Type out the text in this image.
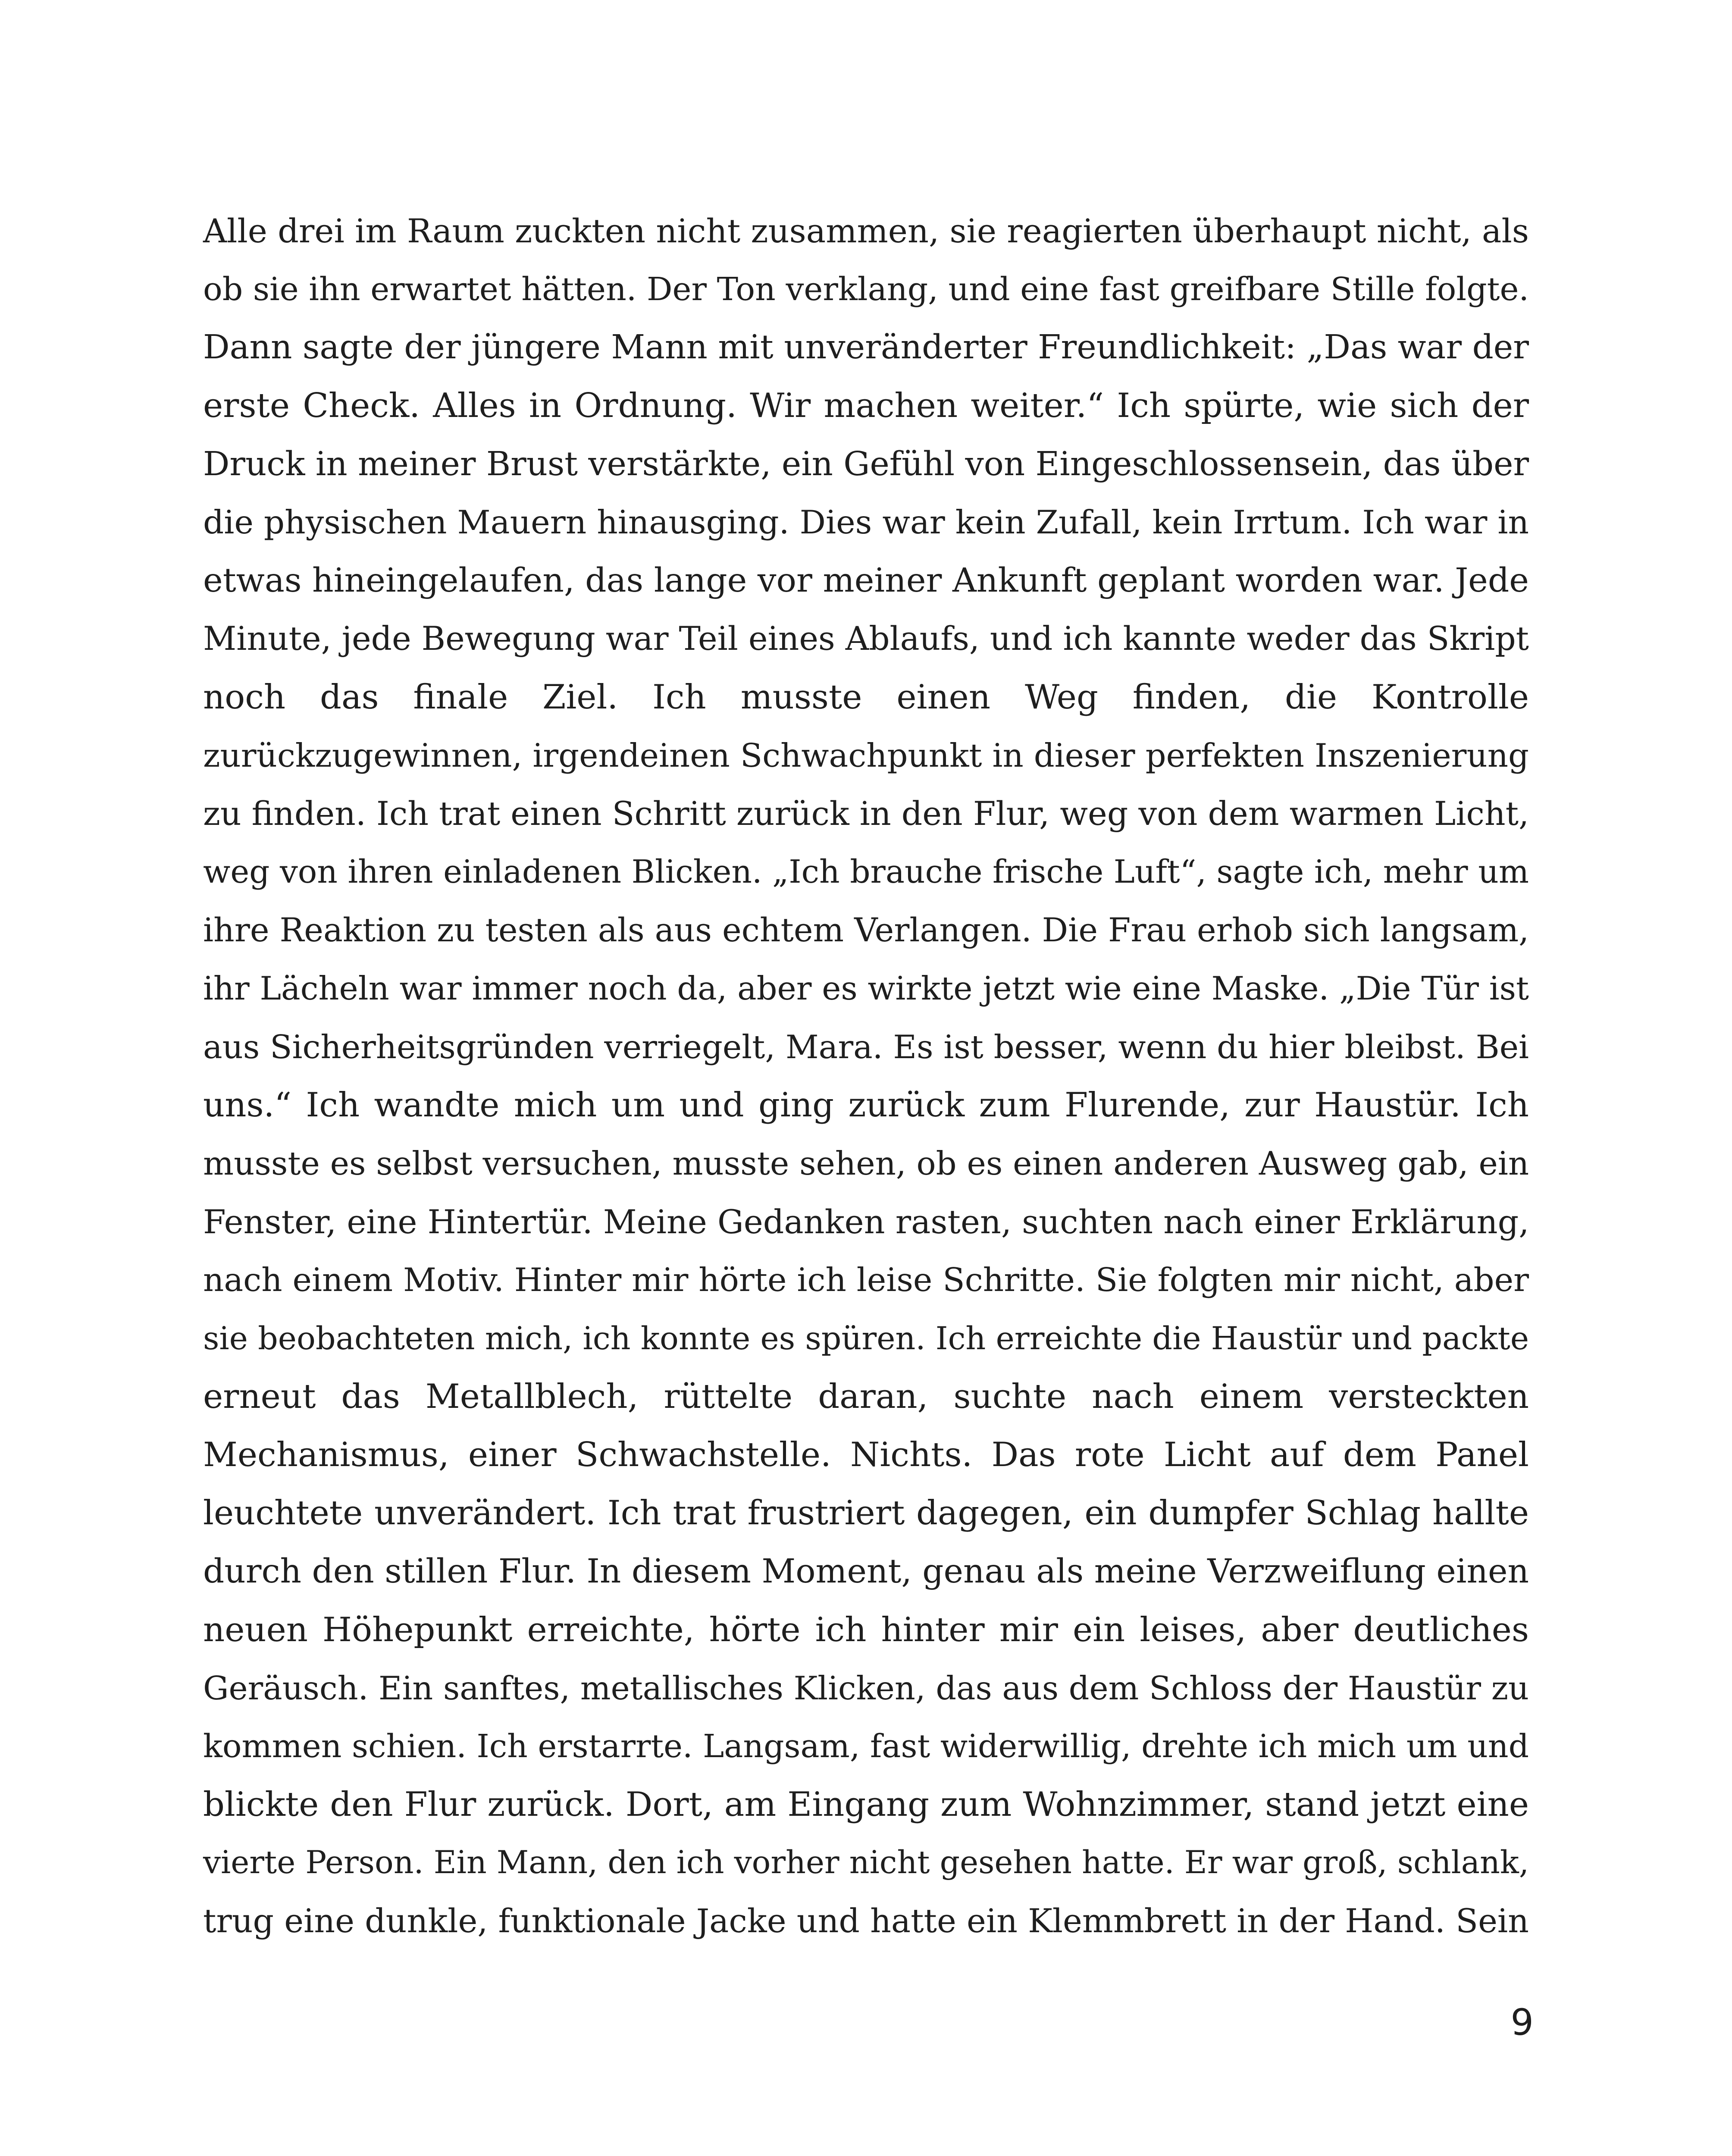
Alle drei im Raum zuckten nicht zusammen, sie reagierten überhaupt nicht, als
ob sie ihn erwartet hätten. Der Ton verklang, und eine fast greifbare Stille folgte.
Dann sagte der jüngere Mann mit unveränderter Freundlichkeit: „Das war der
erste Check. Alles in Ordnung. Wir machen weiter.“ Ich spürte, wie sich der
Druck in meiner Brust verstärkte, ein Gefühl von Eingeschlossensein, das über
die physischen Mauern hinausging. Dies war kein Zufall, kein Irrtum. Ich war in
etwas hineingelaufen, das lange vor meiner Ankunft geplant worden war. Jede
Minute, jede Bewegung war Teil eines Ablaufs, und ich kannte weder das Skript
noch das finale Ziel. Ich musste einen Weg finden, die Kontrolle
zurückzugewinnen, irgendeinen Schwachpunkt in dieser perfekten Inszenierung
zu finden. Ich trat einen Schritt zurück in den Flur, weg von dem warmen Licht,
weg von ihren einladenen Blicken. „Ich brauche frische Luft“, sagte ich, mehr um
ihre Reaktion zu testen als aus echtem Verlangen. Die Frau erhob sich langsam,
ihr Lächeln war immer noch da, aber es wirkte jetzt wie eine Maske. „Die Tür ist
aus Sicherheitsgründen verriegelt, Mara. Es ist besser, wenn du hier bleibst. Bei
uns.“ Ich wandte mich um und ging zurück zum Flurende, zur Haustür. Ich
musste es selbst versuchen, musste sehen, ob es einen anderen Ausweg gab, ein
Fenster, eine Hintertür. Meine Gedanken rasten, suchten nach einer Erklärung,
nach einem Motiv. Hinter mir hörte ich leise Schritte. Sie folgten mir nicht, aber
sie beobachteten mich, ich konnte es spüren. Ich erreichte die Haustür und packte
erneut das Metallblech, rüttelte daran, suchte nach einem versteckten
Mechanismus, einer Schwachstelle. Nichts. Das rote Licht auf dem Panel
leuchtete unverändert. Ich trat frustriert dagegen, ein dumpfer Schlag hallte
durch den stillen Flur. In diesem Moment, genau als meine Verzweiflung einen
neuen Höhepunkt erreichte, hörte ich hinter mir ein leises, aber deutliches
Geräusch. Ein sanftes, metallisches Klicken, das aus dem Schloss der Haustür zu
kommen schien. Ich erstarrte. Langsam, fast widerwillig, drehte ich mich um und
blickte den Flur zurück. Dort, am Eingang zum Wohnzimmer, stand jetzt eine
vierte Person. Ein Mann, den ich vorher nicht gesehen hatte. Er war groß, schlank,
trug eine dunkle, funktionale Jacke und hatte ein Klemmbrett in der Hand. Sein
9
